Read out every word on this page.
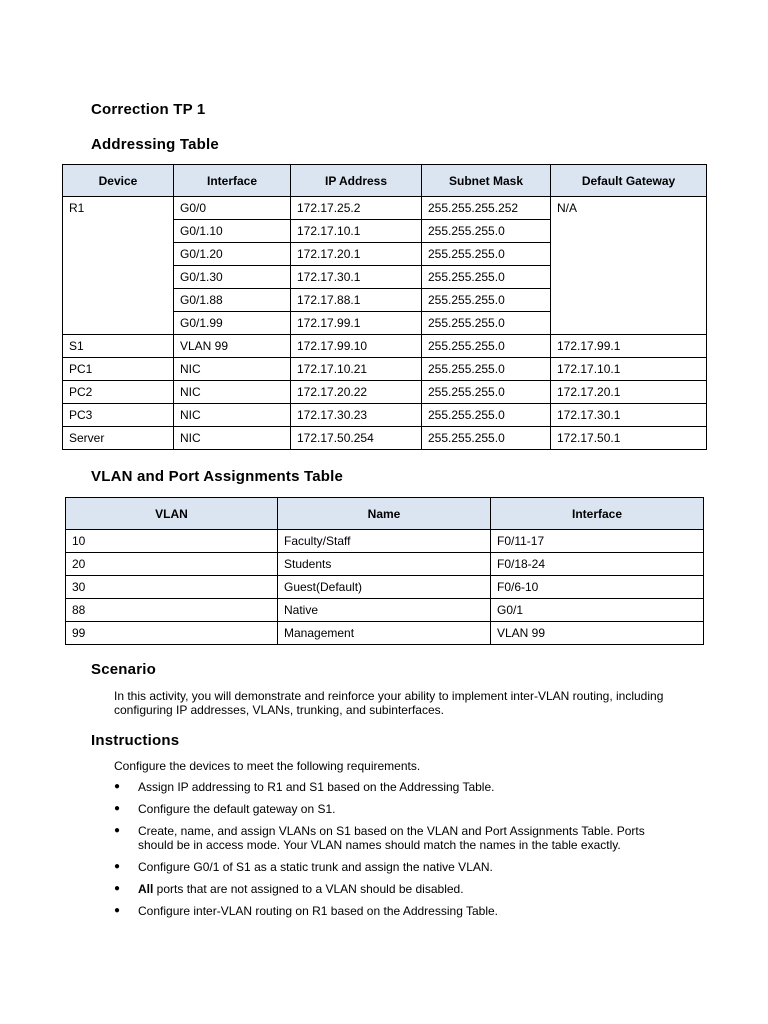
Correction TP 1
Addressing Table
Device	Interface	IP Address	Subnet Mask	Default Gateway
R1	G0/0	172.17.25.2	255.255.255.252	N/A
	G0/1.10	172.17.10.1	255.255.255.0	
	G0/1.20	172.17.20.1	255.255.255.0	
	G0/1.30	172.17.30.1	255.255.255.0	
	G0/1.88	172.17.88.1	255.255.255.0	
	G0/1.99	172.17.99.1	255.255.255.0	
S1	VLAN 99	172.17.99.10	255.255.255.0	172.17.99.1
PC1	NIC	172.17.10.21	255.255.255.0	172.17.10.1
PC2	NIC	172.17.20.22	255.255.255.0	172.17.20.1
PC3	NIC	172.17.30.23	255.255.255.0	172.17.30.1
Server	NIC	172.17.50.254	255.255.255.0	172.17.50.1
VLAN and Port Assignments Table
VLAN	Name	Interface
10	Faculty/Staff	F0/11-17
20	Students	F0/18-24
30	Guest(Default)	F0/6-10
88	Native	G0/1
99	Management	VLAN 99
Scenario
In this activity, you will demonstrate and reinforce your ability to implement inter-VLAN routing, including configuring IP addresses, VLANs, trunking, and subinterfaces.
Instructions
Configure the devices to meet the following requirements.
● Assign IP addressing to R1 and S1 based on the Addressing Table.
● Configure the default gateway on S1.
● Create, name, and assign VLANs on S1 based on the VLAN and Port Assignments Table. Ports should be in access mode. Your VLAN names should match the names in the table exactly.
● Configure G0/1 of S1 as a static trunk and assign the native VLAN.
● All ports that are not assigned to a VLAN should be disabled.
● Configure inter-VLAN routing on R1 based on the Addressing Table.
